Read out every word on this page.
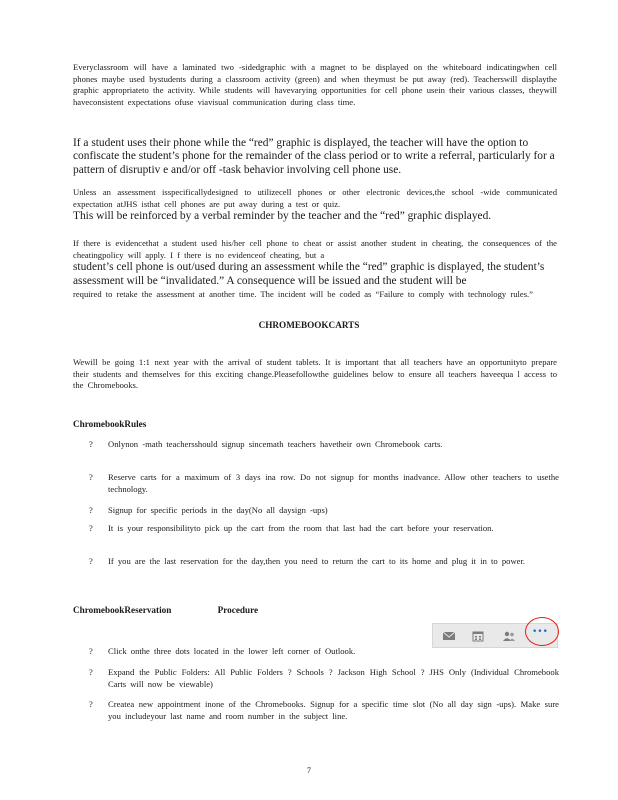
Everyclassroom will have a laminated two -sidedgraphic with a magnet to be displayed on the whiteboard indicatingwhen cell phones maybe used bystudents during a classroom activity (green) and when theymust be put away (red). Teacherswill displaythe graphic appropriateto the activity. While students will havevarying opportunities for cell phone usein their various classes, theywill haveconsistent expectations ofuse viavisual communication during class time.
If a student uses their phone while the “red” graphic is displayed, the teacher will have the option to confiscate the student’s phone for the remainder of the class period or to write a referral, particularly for a pattern of disruptiv e and/or off -task behavior involving cell phone use.
Unless an assessment isspecificallydesigned to utilizecell phones or other electronic devices,the school -wide communicated expectation atJHS isthat cell phones are put away during a test or quiz.
This will be reinforced by a verbal reminder by the teacher and the “red” graphic displayed.
If there is evidencethat a student used his/her cell phone to cheat or assist another student in cheating, the consequences of the cheatingpolicy will apply. I f there is no evidenceof cheating, but a
student’s cell phone is out/used during an assessment while the “red” graphic is displayed, the student’s assessment will be “invalidated.” A consequence will be issued and the student will be
required to retake the assessment at another time. The incident will be coded as “Failure to comply with technology rules.”
CHROMEBOOKCARTS
Wewill be going 1:1 next year with the arrival of student tablets. It is important that all teachers have an opportunityto prepare their students and themselves for this exciting change.Pleasefollowthe guidelines below to ensure all teachers haveequa l access to the Chromebooks.
ChromebookRules
?	Onlynon -math teachersshould signup sincemath teachers havetheir own Chromebook carts.
?	Reserve carts for a maximum of 3 days ina row. Do not signup for months inadvance. Allow other teachers to usethe technology.
?	Signup for specific periods in the day(No all daysign -ups)
?	It is your responsibilityto pick up the cart from the room that last had the cart before your reservation.
?	If you are the last reservation for the day,then you need to return the cart to its home and plug it in to power.
ChromebookReservation	Procedure
•••
?	Click onthe three dots located in the lower left corner of Outlook.
?	Expand the Public Folders: All Public Folders ? Schools ? Jackson High School ? JHS Only (Individual Chromebook Carts will now be viewable)
?	Createa new appointment inone of the Chromebooks. Signup for a specific time slot (No all day sign -ups). Make sure you includeyour last name and room number in the subject line.
7
